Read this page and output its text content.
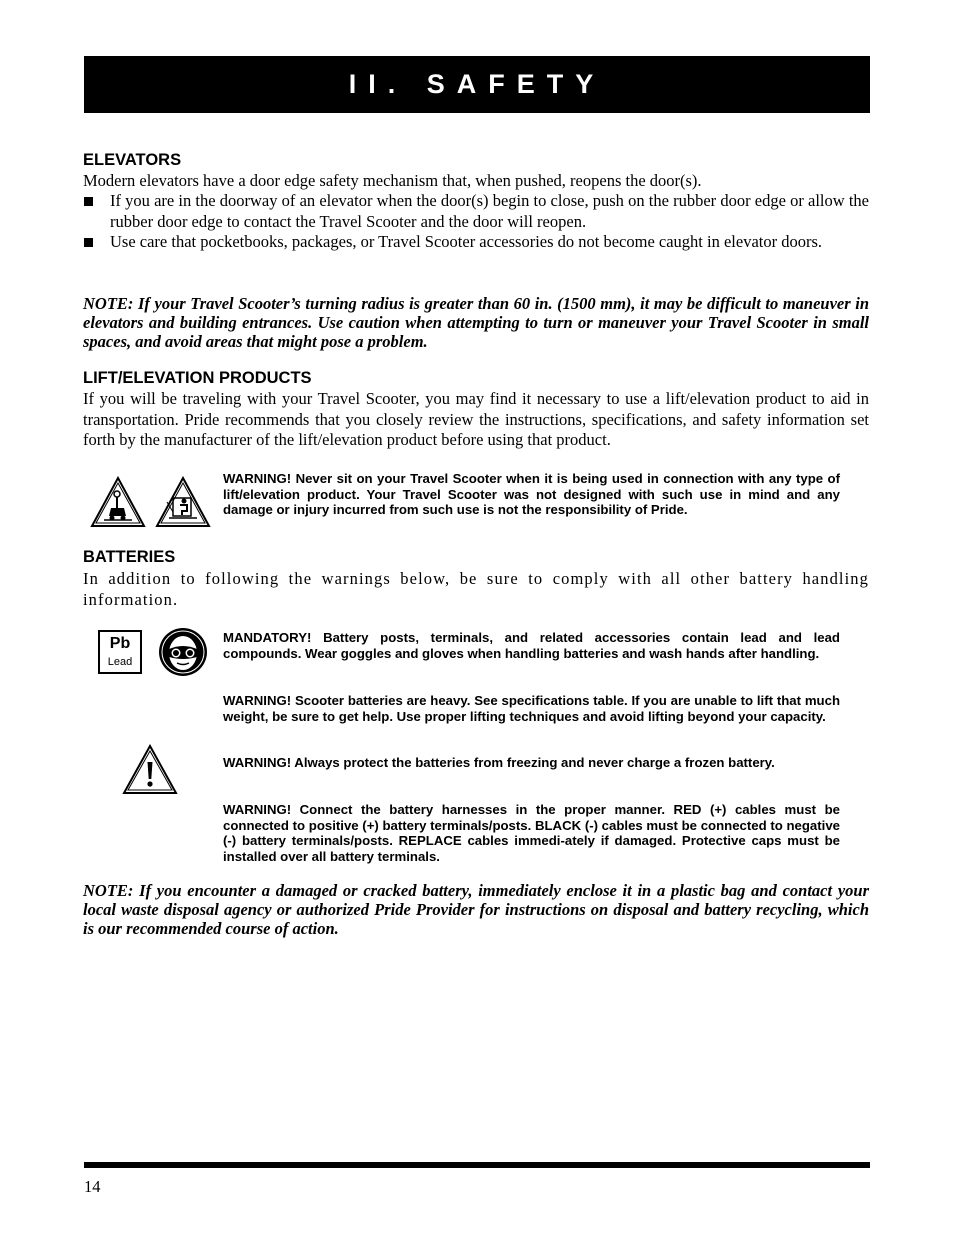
II. SAFETY
ELEVATORS
Modern elevators have a door edge safety mechanism that, when pushed, reopens the door(s).
If you are in the doorway of an elevator when the door(s) begin to close, push on the rubber door edge or allow the rubber door edge to contact the Travel Scooter and the door will reopen.
Use care that pocketbooks, packages, or Travel Scooter accessories do not become caught in elevator doors.
NOTE: If your Travel Scooter’s turning radius is greater than 60 in. (1500 mm), it may be difficult to maneuver in elevators and building entrances. Use caution when attempting to turn or maneuver your Travel Scooter in small spaces, and avoid areas that might pose a problem.
LIFT/ELEVATION PRODUCTS
If you will be traveling with your Travel Scooter, you may find it necessary to use a lift/elevation product to aid in transportation. Pride recommends that you closely review the instructions, specifications, and safety information set forth by the manufacturer of the lift/elevation product before using that product.
WARNING! Never sit on your Travel Scooter when it is being used in connection with any type of lift/elevation product. Your Travel Scooter was not designed with such use in mind and any damage or injury incurred from such use is not the responsibility of Pride.
BATTERIES
In addition to following the warnings below, be sure to comply with all other battery handling information.
Pb
Lead
MANDATORY! Battery posts, terminals, and related accessories contain lead and lead compounds. Wear goggles and gloves when handling batteries and wash hands after handling.
WARNING! Scooter batteries are heavy. See specifications table. If you are unable to lift that much weight, be sure to get help. Use proper lifting techniques and avoid lifting beyond your capacity.
WARNING! Always protect the batteries from freezing and never charge a frozen battery.
WARNING! Connect the battery harnesses in the proper manner. RED (+) cables must be connected to positive (+) battery terminals/posts. BLACK (-) cables must be connected to negative (-) battery terminals/posts. REPLACE cables immedi-ately if damaged. Protective caps must be installed over all battery terminals.
NOTE: If you encounter a damaged or cracked battery, immediately enclose it in a plastic bag and contact your local waste disposal agency or authorized Pride Provider for instructions on disposal and battery recycling, which is our recommended course of action.
14
